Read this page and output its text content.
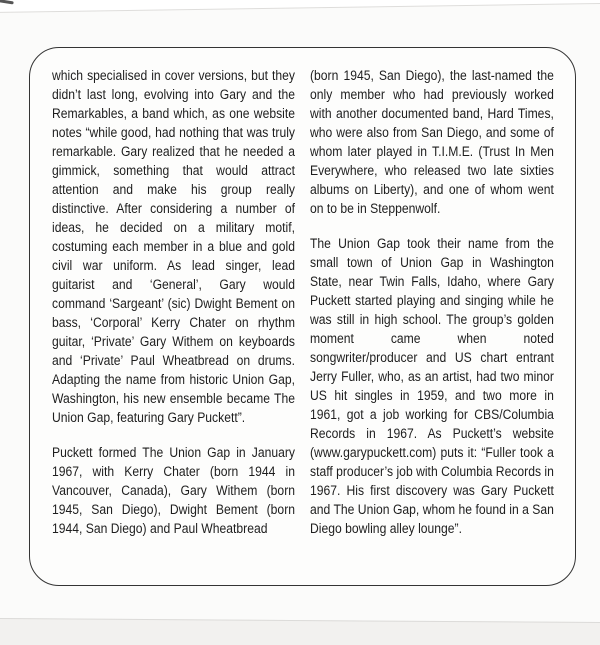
which specialised in cover versions, but they didn’t last long, evolving into Gary and the Remarkables, a band which, as one website notes “while good, had nothing that was truly remarkable. Gary realized that he needed a gimmick, something that would attract attention and make his group really distinctive. After considering a number of ideas, he decided on a military motif, costuming each member in a blue and gold civil war uniform. As lead singer, lead guitarist and ‘General’, Gary would command ‘Sargeant’ (sic) Dwight Bement on bass, ‘Corporal’ Kerry Chater on rhythm guitar, ‘Private’ Gary Withem on keyboards and ‘Private’ Paul Wheatbread on drums. Adapting the name from historic Union Gap, Washington, his new ensemble became The Union Gap, featuring Gary Puckett”.

Puckett formed The Union Gap in January 1967, with Kerry Chater (born 1944 in Vancouver, Canada), Gary Withem (born 1945, San Diego), Dwight Bement (born 1944, San Diego) and Paul Wheatbread

(born 1945, San Diego), the last-named the only member who had previously worked with another documented band, Hard Times, who were also from San Diego, and some of whom later played in T.I.M.E. (Trust In Men Everywhere, who released two late sixties albums on Liberty), and one of whom went on to be in Steppenwolf.

The Union Gap took their name from the small town of Union Gap in Washington State, near Twin Falls, Idaho, where Gary Puckett started playing and singing while he was still in high school. The group’s golden moment came when noted songwriter/producer and US chart entrant Jerry Fuller, who, as an artist, had two minor US hit singles in 1959, and two more in 1961, got a job working for CBS/Columbia Records in 1967. As Puckett’s website (www.garypuckett.com) puts it: “Fuller took a staff producer’s job with Columbia Records in 1967. His first discovery was Gary Puckett and The Union Gap, whom he found in a San Diego bowling alley lounge”.
